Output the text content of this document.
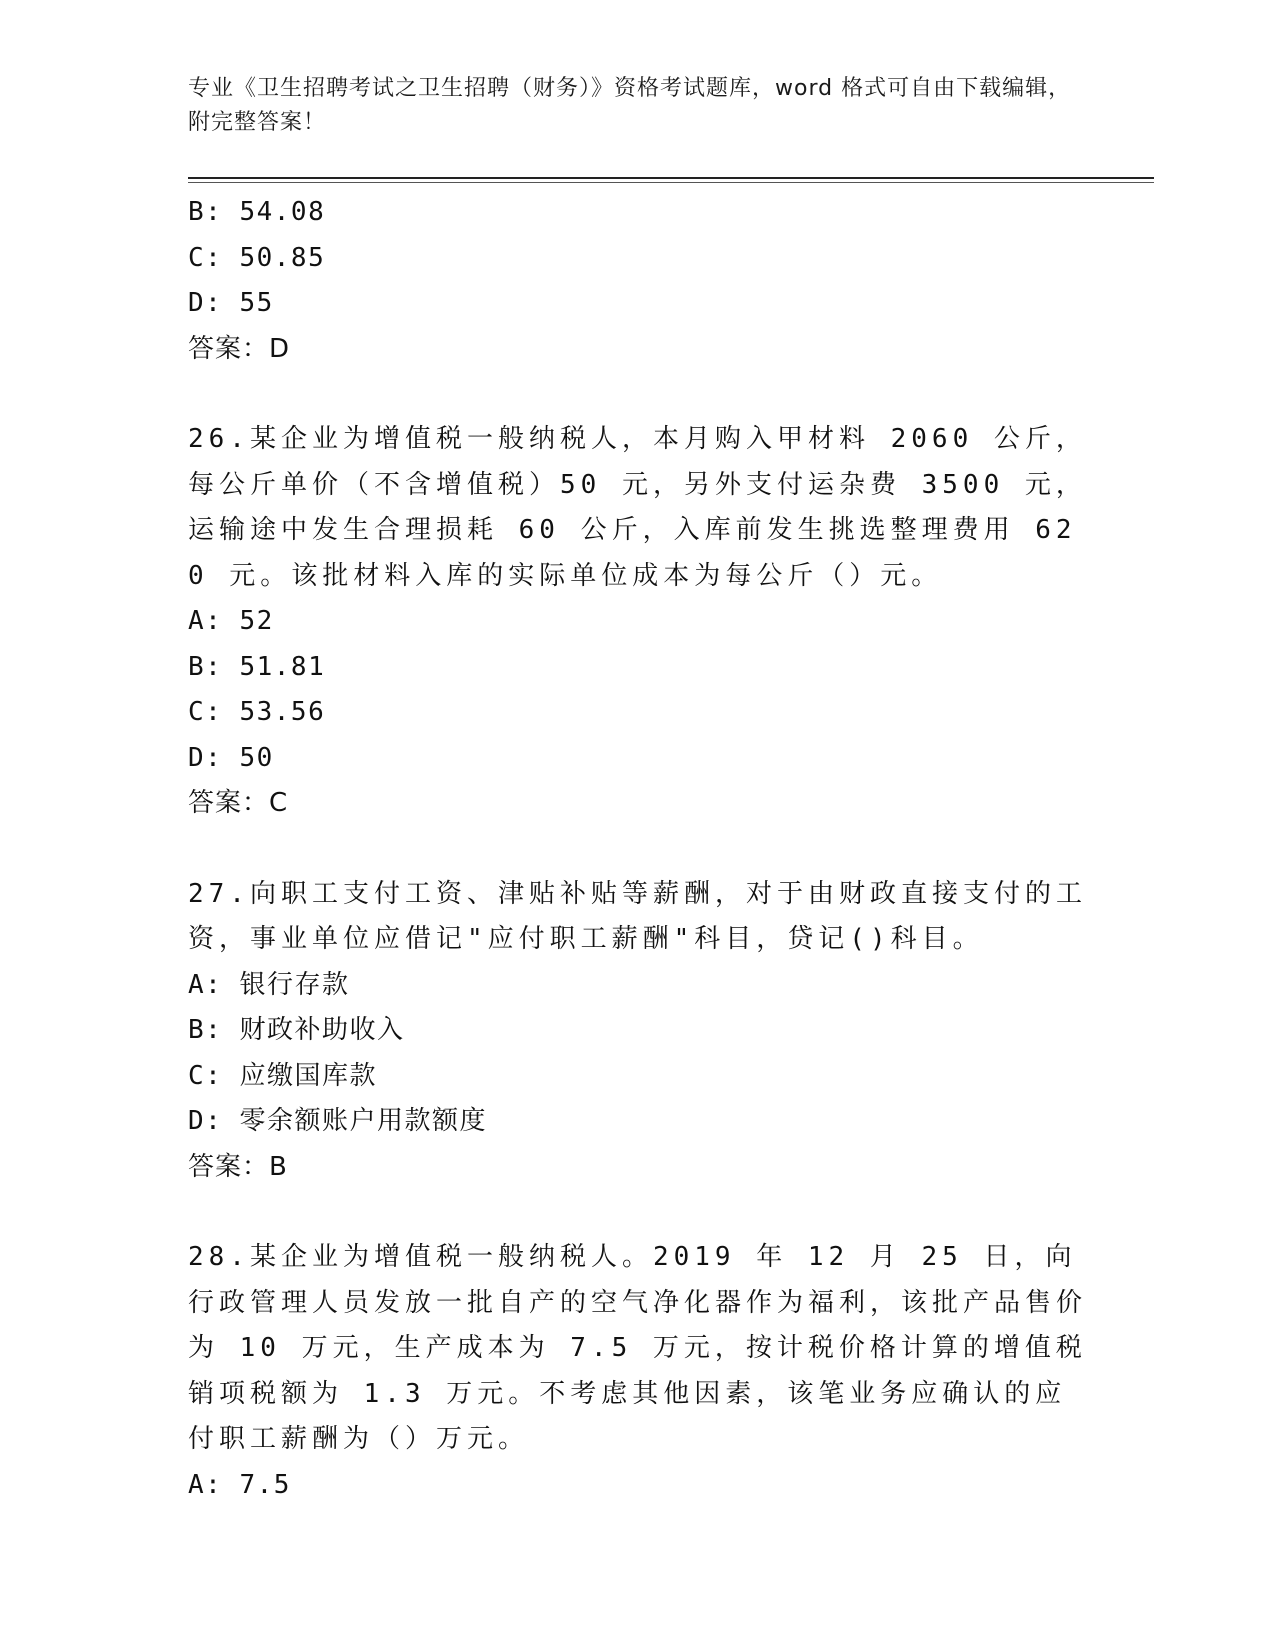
专业《卫生招聘考试之卫生招聘（财务）》资格考试题库，word 格式可自由下载编辑，附完整答案！
B: 54.08
C: 50.85
D: 55
答案：D
26.某企业为增值税一般纳税人，本月购入甲材料 2060 公斤，每公斤单价（不含增值税）50 元，另外支付运杂费 3500 元，运输途中发生合理损耗 60 公斤，入库前发生挑选整理费用 620 元。该批材料入库的实际单位成本为每公斤（）元。
A: 52
B: 51.81
C: 53.56
D: 50
答案：C
27.向职工支付工资、津贴补贴等薪酬，对于由财政直接支付的工资，事业单位应借记"应付职工薪酬"科目，贷记()科目。
A: 银行存款
B: 财政补助收入
C: 应缴国库款
D: 零余额账户用款额度
答案：B
28.某企业为增值税一般纳税人。2019 年 12 月 25 日，向行政管理人员发放一批自产的空气净化器作为福利，该批产品售价为 10 万元，生产成本为 7.5 万元，按计税价格计算的增值税销项税额为 1.3 万元。不考虑其他因素，该笔业务应确认的应付职工薪酬为（）万元。
A: 7.5
